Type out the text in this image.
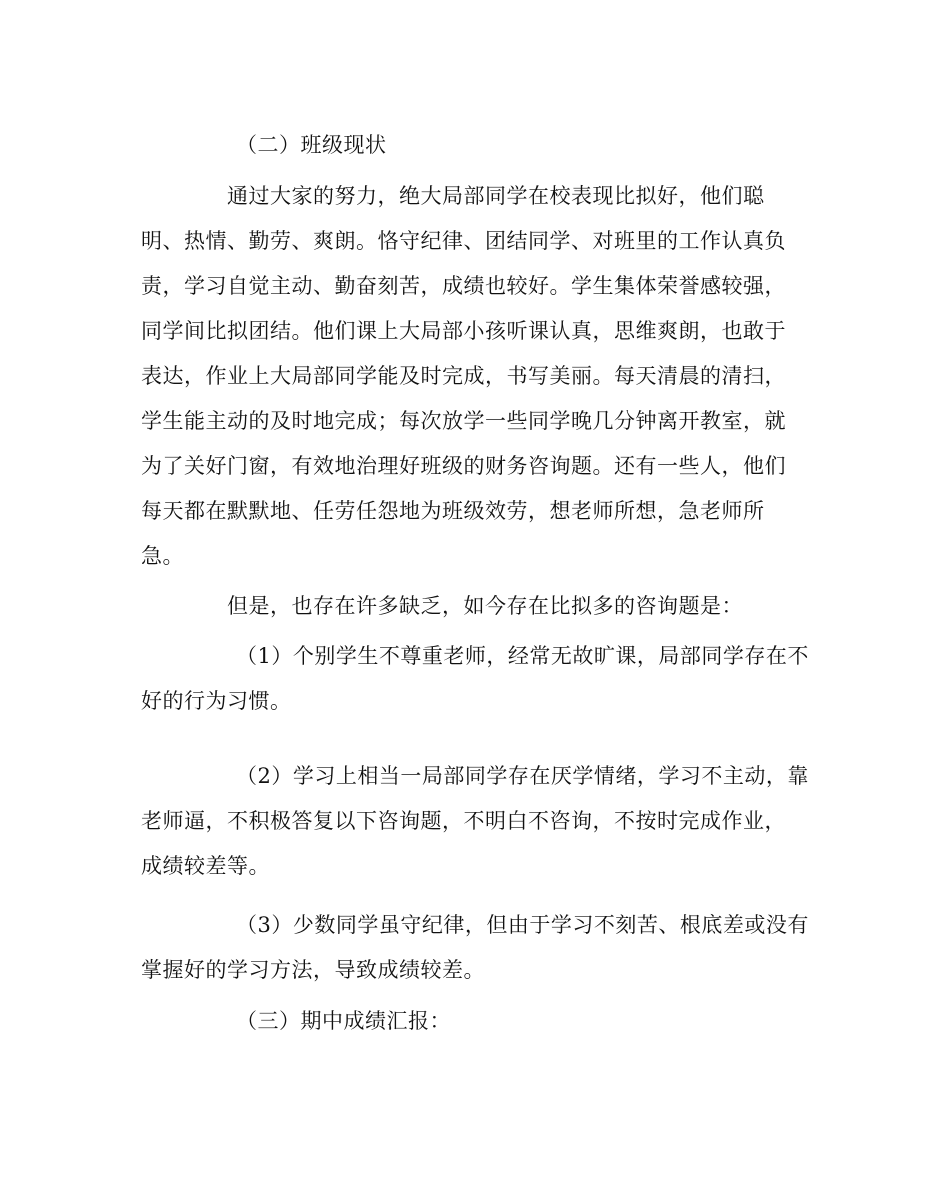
（二）班级现状

通过大家的努力，绝大局部同学在校表现比拟好，他们聪

明、热情、勤劳、爽朗。恪守纪律、团结同学、对班里的工作认真负

责，学习自觉主动、勤奋刻苦，成绩也较好。学生集体荣誉感较强，

同学间比拟团结。他们课上大局部小孩听课认真，思维爽朗，也敢于

表达，作业上大局部同学能及时完成，书写美丽。每天清晨的清扫，

学生能主动的及时地完成；每次放学一些同学晚几分钟离开教室，就

为了关好门窗，有效地治理好班级的财务咨询题。还有一些人，他们

每天都在默默地、任劳任怨地为班级效劳，想老师所想，急老师所

急。

但是，也存在许多缺乏，如今存在比拟多的咨询题是：

（1）个别学生不尊重老师，经常无故旷课，局部同学存在不

好的行为习惯。

（2）学习上相当一局部同学存在厌学情绪，学习不主动，靠

老师逼，不积极答复以下咨询题，不明白不咨询，不按时完成作业，

成绩较差等。

（3）少数同学虽守纪律，但由于学习不刻苦、根底差或没有

掌握好的学习方法，导致成绩较差。

（三）期中成绩汇报：
